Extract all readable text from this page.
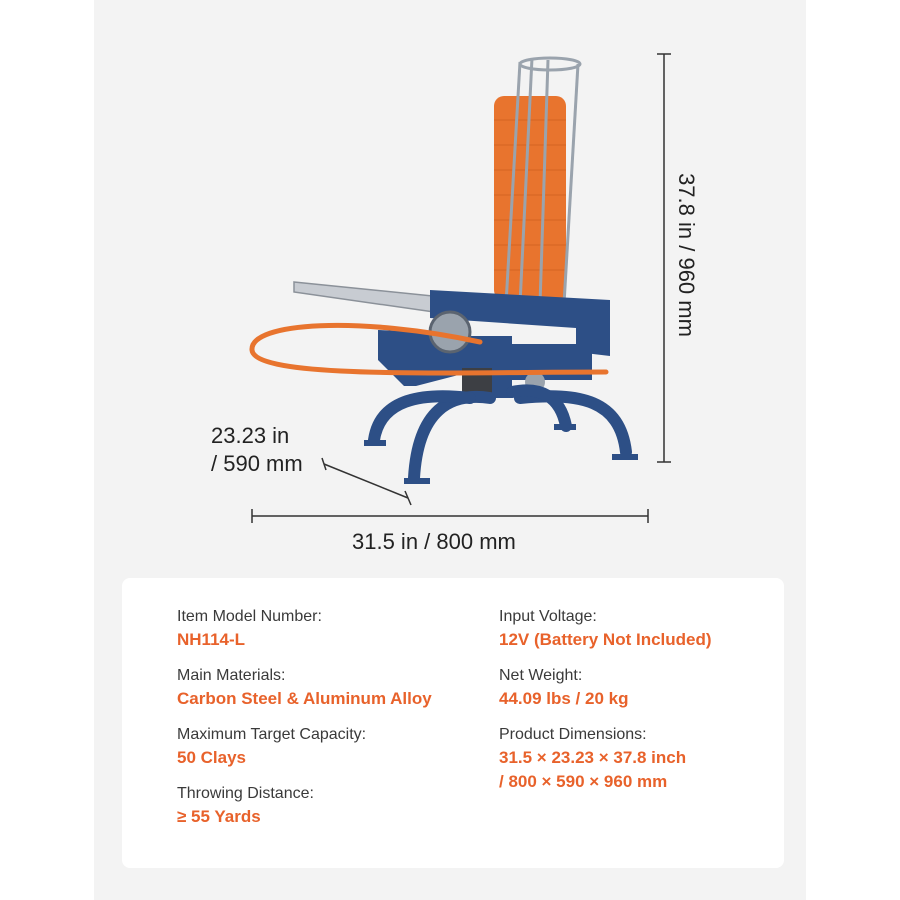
37.8 in / 960 mm
31.5 in / 800 mm
23.23 in
/ 590 mm
Item Model Number:
NH114-L
Main Materials:
Carbon Steel & Aluminum Alloy
Maximum Target Capacity:
50 Clays
Throwing Distance:
≥ 55 Yards
Input Voltage:
12V (Battery Not Included)
Net Weight:
44.09 lbs / 20 kg
Product Dimensions:
31.5 × 23.23 × 37.8 inch
/ 800 × 590 × 960 mm
